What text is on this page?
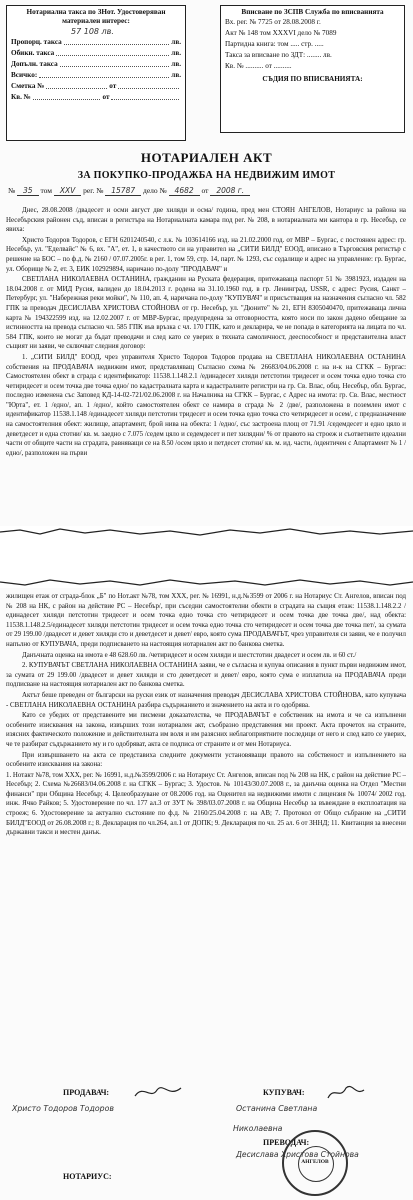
Нотариална такса по ЗНот. Удостоверяван материален интерес:
57 108 лв.
Пропорц. такса	лв.
Обикн. такса	лв.
Допълн. такса	лв.
Всичко:	лв.
Сметка №	от
Кв. №	от
Вписване по ЗСПВ Служба по вписванията
Вх. рег. № 7725 от 28.08.2008 г.
Акт № 148 том XXXVI дело № 7089
Партидна книга: том ..... стр. .....
Такса за вписване по ЗДТ: ........ лв.
Кв. № .......... от ..........
СЪДИЯ ПО ВПИСВАНИЯТА:
НОТАРИАЛЕН АКТ
ЗА ПОКУПКО-ПРОДАЖБА НА НЕДВИЖИМ ИМОТ
№ 35 том XXV рег. № 15787 дело № 4682 от 2008 г.

Днес, 28.08.2008 /двадесет и осми август две хиляди и осма/ година, пред мен СТОЯН АНГЕЛОВ, Нотариус за района на Несебърския районен съд, вписан в регистъра на Нотариалната камара под рег. № 208, в нотариалната ми кантора в гр. Несебър, се явиха:

Христо Тодоров Тодоров, с ЕГН 6201240540, с л.к. № 103614166 изд. на 21.02.2000 год. от МВР – Бургас, с постоянен адрес: гр. Несебър, ул. "Еделвайс" № 6, вх. "А", ет. 1, в качеството си на управител на „СИТИ БИЛД" ЕООД, вписано в Търговския регистър с решение на БОС – по ф.д. № 2160 / 07.07.2005г. в рег. 1, том 59, стр. 14, парт. № 1293, със седалище и адрес на управление: гр. Бургас, ул. Оборище № 2, ет. 3, ЕИК 102929894, наричано по-долу "ПРОДАВАЧ" и

СВЕТЛАНА НИКОЛАЕВНА ОСТАНИНА, гражданин на Руската федерация, притежаваща паспорт 51 № 3981923, издаден на 18.04.2008 г. от МИД Русия, валиден до 18.04.2013 г. родена на 31.10.1960 год. в гр. Ленинград, USSR, с адрес: Русия, Санкт – Петербург, ул. "Набережная реки мойки", № 110, ап. 4, наричана по-долу "КУПУВАЧ" и присъстващия на назначения съгласно чл. 582 ГПК за преводач ДЕСИСЛАВА ХРИСТОВА СТОЙНОВА от гр. Несебър, ул. "Дюните" № 21, ЕГН 8305040470, притежаваща лична карта № 194322599 изд. на 12.02.2007 г. от МВР-Бургас, предупредена за отговорността, която носи по закон дадено обещание за истинността на превода съгласно чл. 585 ГПК във връзка с чл. 170 ГПК, като и декларира, че не попада в категорията на лицата по чл. 584 ГПК, които не могат да бъдат преводачи и след като се уверих в тяхната самоличност, дееспособност и представителна власт същият ни заяви, че сключват следния договор:

1. „СИТИ БИЛД" ЕООД, чрез управителя Христо Тодоров Тодоров продава на СВЕТЛАНА НИКОЛАЕВНА ОСТАНИНА собствения на ПРОДАВАЧА недвижим имот, представляващ Съгласно схема № 26683/04.06.2008 г. на и-к на СГКК – Бургас: Самостоятелен обект в сграда с идентификатор: 11538.1.148.2.1 /единадесет хиляди петстотин тридесет и осем точка едно точка сто четиридесет и осем точка две точка едно/ по кадастралната карта и кадастралните регистри на гр. Св. Влас, общ. Несебър, обл. Бургас, последно изменена със Заповед КД-14-02-721/02.06.2008 г. на Началника на СГКК – Бургас, с Адрес на имота: гр. Св. Влас, местност "Юрта", ет. 1 /едно/, ап. 1 /едно/, който самостоятелен обект се намира в сграда № 2 /две/, разположена в поземлен имот с идентификатор 11538.1.148 /единадесет хиляди петстотин тридесет и осем точка едно точка сто четиридесет и осем/, с предназначение на самостоятелния обект: жилище, апартамент, брой нива на обекта: 1 /едно/, със застроена площ от 71.91 /седемдесет и едно цяло и деветдесет и една стотни/ кв. м. заедно с 7.075 /седем цяло и седемдесет и пет хилядни/ % от правото на строеж и съответните идеални части от общите части на сградата, равняващи се на 8.50 /осем цяло и петдесет стотни/ кв. м. ид. части, /идентичен с Апартамент № 1 /едно/, разположен на първи

жилищен етаж от сграда-блок „Б" по Нот.акт №78, том ХХХ, рег. № 16991, н.д.№3599 от 2006 г. на Нотариус Ст. Ангелов, вписан под № 208 на НК, с район на действие РС – Несебър/, при съседни самостоятелни обекти в сградата на същия етаж: 11538.1.148.2.2 /единадесет хиляди петстотин тридесет и осем точка едно точка сто четиридесет и осем точка две точка две/, над обекта: 11538.1.148.2.5/единадесет хиляди петстотин тридесет и осем точка едно точка сто четиридесет и осем точка две точка пет/, за сумата от 29 199.00 /двадесет и девет хиляди сто и деветдесет и девет/ евро, която сума ПРОДАВАЧЪТ, чрез управителя си заяви, че е получил напълно от КУПУВАЧА, преди подписването на настоящия нотариален акт по банкова сметка.

Данъчната оценка на имота е 48 628.60 лв. /четиридесет и осем хиляди и шестстотин двадесет и осем лв. и 60 ст./

2. КУПУВАЧЪТ СВЕТЛАНА НИКОЛАЕВНА ОСТАНИНА заяви, че е съгласна и купува описания в пункт първи недвижим имот, за сумата от 29 199.00 /двадесет и девет хиляди и сто деветдесет и девет/ евро, която сума е изплатила на ПРОДАВАЧА преди подписване на настоящия нотариален акт по банкова сметка.

Актът беше преведен от български на руски език от назначения преводач ДЕСИСЛАВА ХРИСТОВА СТОЙНОВА, като купувача - СВЕТЛАНА НИКОЛАЕВНА ОСТАНИНА разбира съдържанието и значението на акта и го одобрява.

Като се убедих от представените ми писмени доказателства, че ПРОДАВАЧЪТ е собственик на имота и че са изпълнени особените изисквания на закона, извърших този нотариален акт, съобразно представения ми проект. Акта прочетох на страните, изясних фактическото положение и действителната им воля и им разясних неблагоприятните последици от него и след като се уверих, че те разбират съдържанието му и го одобряват, акта се подписа от страните и от мен Нотариуса.

При извършването на акта се представиха следните документи установяващи правото на собственост и изпълнението на особените изисквания на закона:

1. Нотакт №78, том ХХХ, рег. № 16991, н.д.№3599/2006 г. на Нотариус Ст. Ангелов, вписан под № 208 на НК, с район на действие РС – Несебър; 2. Схема №26683/04.06.2008 г. на СГКК – Бургас; 3. Удостов. № 10143/30.07.2008 г., за данъчна оценка на Отдел "Местни финанси" при Община Несебър; 4. Целеобразуване от 08.2006 год. на Оценител на недвижими имоти с лицензия № 10074/ 2002 год. инж. Ячко Райков; 5. Удостоверение по чл. 177 ал.3 от ЗУТ № 398/03.07.2008 г. на Община Несебър за въвеждане в експлоатация на строеж; 6. Удостоверение за актуално състояние по ф.д. № 2160/25.04.2008 г. на АВ; 7. Протокол от Общо събрание на „СИТИ БИЛД"ЕООД от 26.08.2008 г.; 8. Декларация по чл.264, ал.1 от ДОПК; 9. Декларация по чл. 25 ал. 6 от ЗННД; 11. Квитанция за внесени държавни такси и местен данък.

ПРОДАВАЧ:	КУПУВАЧ:
Христо Тодоров Тодоров	Останина Светлана
Николаевна
ПРЕВОДАЧ:
Десислава Христова Стойнова
НОТАРИУС:
АНГЕЛОВ
